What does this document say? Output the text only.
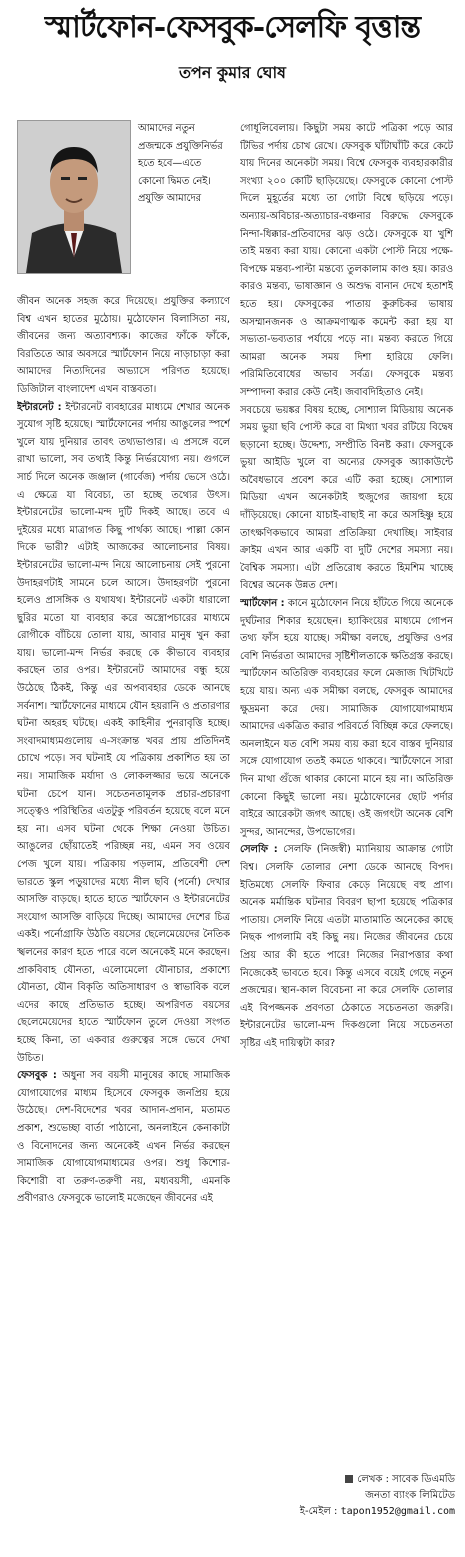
স্মার্টফোন-ফেসবুক-সেলফি বৃত্তান্ত
তপন কুমার ঘোষ
আমাদের নতুন প্রজন্মকে প্রযুক্তিনির্ভর হতে হবে—এতে কোনো দ্বিমত নেই। প্রযুক্তি আমাদের

জীবন অনেক সহজ করে দিয়েছে। প্রযুক্তির কল্যাণে বিশ্ব এখন হাতের মুঠোয়। মুঠোফোন বিলাসিতা নয়, জীবনের জন্য অত্যাবশ্যক। কাজের ফাঁকে ফাঁকে, বিরতিতে আর অবসরে স্মার্টফোন নিয়ে নাড়াচাড়া করা আমাদের নিত্যদিনের অভ্যাসে পরিণত হয়েছে। ডিজিটাল বাংলাদেশ এখন বাস্তবতা।

ইন্টারনেট : ইন্টারনেট ব্যবহারের মাধ্যমে শেখার অনেক সুযোগ সৃষ্টি হয়েছে। স্মার্টফোনের পর্দায় আঙুলের স্পর্শে খুলে যায় দুনিয়ার তাবৎ তথ্যভাণ্ডার। এ প্রসঙ্গে বলে রাখা ভালো, সব তথ্যই কিন্তু নির্ভরযোগ্য নয়। গুগলে সার্চ দিলে অনেক জঞ্জাল (গার্বেজ) পর্দায় ভেসে ওঠে। এ ক্ষেত্রে যা বিবেচ্য, তা হচ্ছে তথ্যের উৎস। ইন্টারনেটের ভালো-মন্দ দুটি দিকই আছে। তবে এ দুইয়ের মধ্যে মাত্রাগত কিছু পার্থক্য আছে। পাল্লা কোন দিকে ভারী? এটাই আজকের আলোচনার বিষয়। ইন্টারনেটের ভালো-মন্দ নিয়ে আলোচনায় সেই পুরনো উদাহরণটাই সামনে চলে আসে। উদাহরণটা পুরনো হলেও প্রাসঙ্গিক ও যথাযথ। ইন্টারনেট একটা ধারালো ছুরির মতো যা ব্যবহার করে অস্ত্রোপচারের মাধ্যমে রোগীকে বাঁচিয়ে তোলা যায়, আবার মানুষ খুন করা যায়। ভালো-মন্দ নির্ভর করছে কে কীভাবে ব্যবহার করছেন তার ওপর। ইন্টারনেট আমাদের বন্ধু হয়ে উঠেছে ঠিকই, কিন্তু এর অপব্যবহার ডেকে আনছে সর্বনাশ। স্মার্টফোনের মাধ্যমে যৌন হয়রানি ও প্রতারণার ঘটনা অহরহ ঘটছে। একই কাহিনীর পুনরাবৃত্তি হচ্ছে। সংবাদমাধ্যমগুলোয় এ-সংক্রান্ত খবর প্রায় প্রতিদিনই চোখে পড়ে। সব ঘটনাই যে পত্রিকায় প্রকাশিত হয় তা নয়। সামাজিক মর্যাদা ও লোকলজ্জার ভয়ে অনেকে ঘটনা চেপে যান। সচেতনতামূলক প্রচার-প্রচারণা সত্ত্বেও পরিস্থিতির এতটুকু পরিবর্তন হয়েছে বলে মনে হয় না। এসব ঘটনা থেকে শিক্ষা নেওয়া উচিত। আঙুলের ছোঁয়াতেই পরিচ্ছন্ন নয়, এমন সব ওয়েব পেজ খুলে যায়। পত্রিকায় পড়লাম, প্রতিবেশী দেশ ভারতে স্কুল পড়ুয়াদের মধ্যে নীল ছবি (পর্নো) দেখার আসক্তি বাড়ছে। হাতে হাতে স্মার্টফোন ও ইন্টারনেটের সংযোগ আসক্তি বাড়িয়ে দিচ্ছে। আমাদের দেশের চিত্র একই। পর্নোগ্রাফি উঠতি বয়সের ছেলেমেয়েদের নৈতিক স্খলনের কারণ হতে পারে বলে অনেকেই মনে করছেন। প্রাকবিবাহ যৌনতা, এলোমেলো যৌনাচার, প্রকাশ্যে যৌনতা, যৌন বিকৃতি অতিসাধারণ ও স্বাভাবিক বলে এদের কাছে প্রতিভাত হচ্ছে। অপরিণত বয়সের ছেলেমেয়েদের হাতে স্মার্টফোন তুলে দেওয়া সংগত হচ্ছে কিনা, তা একবার গুরুত্বের সঙ্গে ভেবে দেখা উচিত।

ফেসবুক : অধুনা সব বয়সী মানুষের কাছে সামাজিক যোগাযোগের মাধ্যম হিসেবে ফেসবুক জনপ্রিয় হয়ে উঠেছে। দেশ-বিদেশের খবর আদান-প্রদান, মতামত প্রকাশ, শুভেচ্ছা বার্তা পাঠানো, অনলাইনে কেনাকাটা ও বিনোদনের জন্য অনেকেই এখন নির্ভর করছেন সামাজিক যোগাযোগমাধ্যমের ওপর। শুধু কিশোর-কিশোরী বা তরুণ-তরুণী নয়, মধ্যবয়সী, এমনকি প্রবীণরাও ফেসবুকে ভালোই মজেছেন জীবনের এই

গোধূলিবেলায়। কিছুটা সময় কাটে পত্রিকা পড়ে আর টিভির পর্দায় চোখ রেখে। ফেসবুক ঘাঁটাঘাঁটি করে কেটে যায় দিনের অনেকটা সময়। বিশ্বে ফেসবুক ব্যবহারকারীর সংখ্যা ২০০ কোটি ছাড়িয়েছে। ফেসবুকে কোনো পোস্ট দিলে মুহূর্তের মধ্যে তা গোটা বিশ্বে ছড়িয়ে পড়ে। অন্যায়-অবিচার-অত্যাচার-বঞ্চনার বিরুদ্ধে ফেসবুকে নিন্দা-ধিক্কার-প্রতিবাদের ঝড় ওঠে। ফেসবুকে যা খুশি তাই মন্তব্য করা যায়। কোনো একটা পোস্ট নিয়ে পক্ষে-বিপক্ষে মন্তব্য-পাল্টা মন্তব্যে তুলকালাম কাণ্ড হয়। কারও কারও মন্তব্য, ভাষাজ্ঞান ও অশুদ্ধ বানান দেখে হতাশই হতে হয়। ফেসবুকের পাতায় কুরুচিকর ভাষায় অসম্মানজনক ও আক্রমণাত্মক কমেন্ট করা হয় যা সভ্যতা-ভব্যতার পর্যায়ে পড়ে না। মন্তব্য করতে গিয়ে আমরা অনেক সময় দিশা হারিয়ে ফেলি। পরিমিতিবোধের অভাব সর্বত্র। ফেসবুকে মন্তব্য সম্পাদনা করার কেউ নেই। জবাবদিহিতাও নেই।

সবচেয়ে ভয়ঙ্কর বিষয় হচ্ছে, সোশ্যাল মিডিয়ায় অনেক সময় ভুয়া ছবি পোস্ট করে বা মিথ্যা খবর রটিয়ে বিদ্বেষ ছড়ানো হচ্ছে। উদ্দেশ্য, সম্প্রীতি বিনষ্ট করা। ফেসবুকে ভুয়া আইডি খুলে বা অন্যের ফেসবুক অ্যাকাউন্টে অবৈধভাবে প্রবেশ করে এটি করা হচ্ছে। সোশ্যাল মিডিয়া এখন অনেকটাই হুজুগের জায়গা হয়ে দাঁড়িয়েছে। কোনো যাচাই-বাছাই না করে অসহিষ্ণু হয়ে তাৎক্ষণিকভাবে আমরা প্রতিক্রিয়া দেখাচ্ছি। সাইবার ক্রাইম এখন আর একটি বা দুটি দেশের সমস্যা নয়। বৈশ্বিক সমস্যা। এটা প্রতিরোধ করতে হিমশিম খাচ্ছে বিশ্বের অনেক উন্নত দেশ।

স্মার্টফোন : কানে মুঠোফোন নিয়ে হাঁটতে গিয়ে অনেকে দুর্ঘটনার শিকার হয়েছেন। হ্যাকিংয়ের মাধ্যমে গোপন তথ্য ফাঁস হয়ে যাচ্ছে। সমীক্ষা বলছে, প্রযুক্তির ওপর বেশি নির্ভরতা আমাদের সৃষ্টিশীলতাকে ক্ষতিগ্রস্ত করছে। স্মার্টফোন অতিরিক্ত ব্যবহারের ফলে মেজাজ খিটখিটে হয়ে যায়। অন্য এক সমীক্ষা বলছে, ফেসবুক আমাদের ক্ষুদ্রমনা করে দেয়। সামাজিক যোগাযোগমাধ্যম আমাদের একত্রিত করার পরিবর্তে বিচ্ছিন্ন করে ফেলছে। অনলাইনে যত বেশি সময় ব্যয় করা হবে বাস্তব দুনিয়ার সঙ্গে যোগাযোগ ততই কমতে থাকবে। স্মার্টফোনে সারা দিন মাথা গুঁজে থাকার কোনো মানে হয় না। অতিরিক্ত কোনো কিছুই ভালো নয়। মুঠোফোনের ছোট পর্দার বাইরে আরেকটা জগৎ আছে। ওই জগৎটা অনেক বেশি সুন্দর, আনন্দের, উপভোগের।

সেলফি : সেলফি (নিজস্বী) ম্যানিয়ায় আক্রান্ত গোটা বিশ্ব। সেলফি তোলার নেশা ডেকে আনছে বিপদ। ইতিমধ্যে সেলফি ফিবার কেড়ে নিয়েছে বহু প্রাণ। অনেক মর্মান্তিক ঘটনার বিবরণ ছাপা হয়েছে পত্রিকার পাতায়। সেলফি নিয়ে এতটা মাতামাতি অনেকের কাছে নিছক পাগলামি বই কিছু নয়। নিজের জীবনের চেয়ে প্রিয় আর কী হতে পারে! নিজের নিরাপত্তার কথা নিজেকেই ভাবতে হবে। কিন্তু এসবে বয়েই গেছে নতুন প্রজন্মের। স্থান-কাল বিবেচনা না করে সেলফি তোলার এই বিপজ্জনক প্রবণতা ঠেকাতে সচেতনতা জরুরি। ইন্টারনেটের ভালো-মন্দ দিকগুলো নিয়ে সচেতনতা সৃষ্টির এই দায়িত্বটা কার?

লেখক : সাবেক ডিএমডি
জনতা ব্যাংক লিমিটেড
ই-মেইল : tapon1952@gmail.com
